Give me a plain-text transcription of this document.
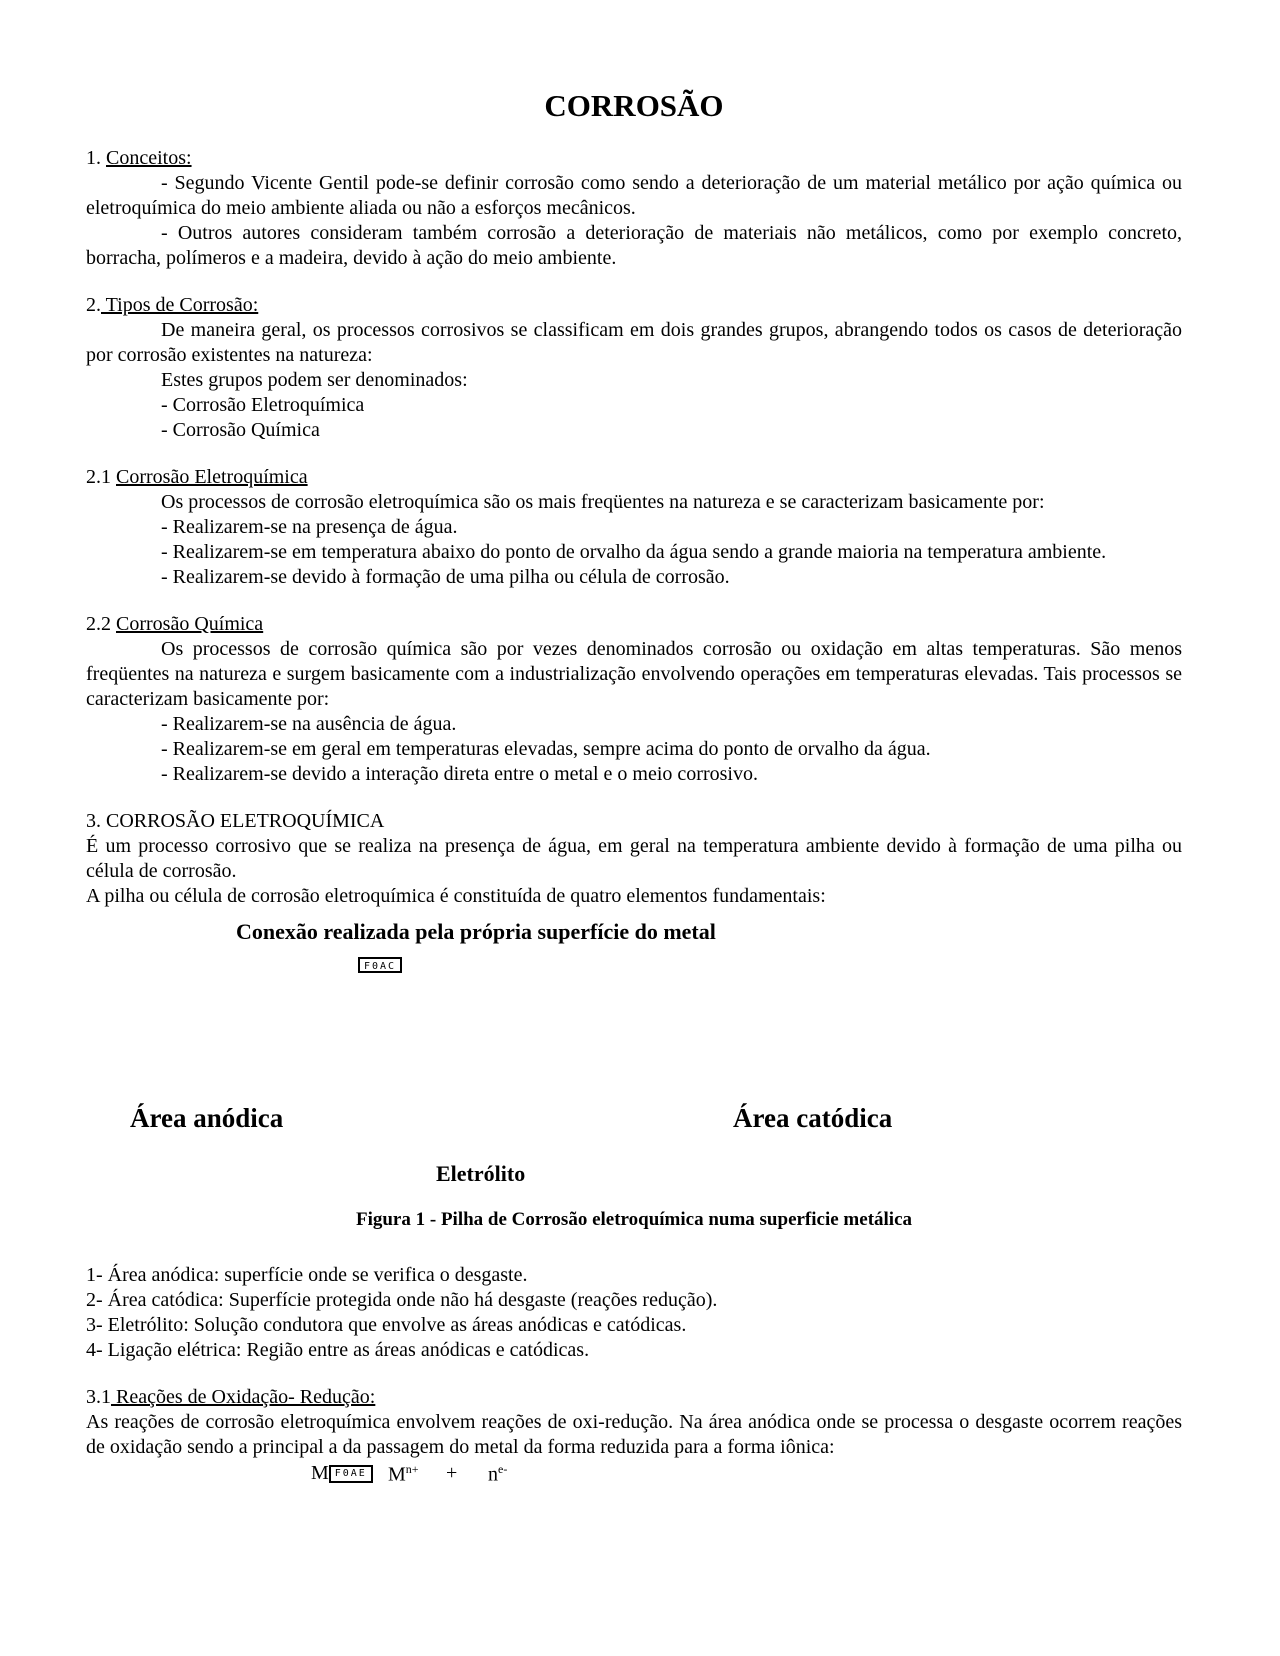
CORROSÃO

1. Conceitos:

- Segundo Vicente Gentil pode-se definir corrosão como sendo a deterioração de um material metálico por ação química ou eletroquímica do meio ambiente aliada ou não a esforços mecânicos.

- Outros autores consideram também corrosão a deterioração de materiais não metálicos, como por exemplo concreto, borracha, polímeros e a madeira, devido à ação do meio ambiente.

2. Tipos de Corrosão:

De maneira geral, os processos corrosivos se classificam em dois grandes grupos, abrangendo todos os casos de deterioração por corrosão existentes na natureza:

Estes grupos podem ser denominados:

- Corrosão Eletroquímica

- Corrosão Química

2.1 Corrosão Eletroquímica

Os processos de corrosão eletroquímica são os mais freqüentes na natureza e se caracterizam basicamente por:

- Realizarem-se na presença de água.

- Realizarem-se em temperatura abaixo do ponto de orvalho da água sendo a grande maioria na temperatura ambiente.

- Realizarem-se devido à formação de uma pilha ou célula de corrosão.

2.2 Corrosão Química

Os processos de corrosão química são por vezes denominados corrosão ou oxidação em altas temperaturas. São menos freqüentes na natureza e surgem basicamente com a industrialização envolvendo operações em temperaturas elevadas. Tais processos se caracterizam basicamente por:

- Realizarem-se na ausência de água.

- Realizarem-se em geral em temperaturas elevadas, sempre acima do ponto de orvalho da água.

- Realizarem-se devido a interação direta entre o metal e o meio corrosivo.

3. CORROSÃO ELETROQUÍMICA

É um processo corrosivo que se realiza na presença de água, em geral na temperatura ambiente devido à formação de uma pilha ou célula de corrosão.

A pilha ou célula de corrosão eletroquímica é constituída de quatro elementos fundamentais:

Conexão realizada pela própria superfície do metal
F0AC
Área anódica	Área catódica
Eletrólito
Figura 1 - Pilha de Corrosão eletroquímica numa superficie metálica

1- Área anódica: superfície onde se verifica o desgaste.

2- Área catódica: Superfície protegida onde não há desgaste (reações redução).

3- Eletrólito: Solução condutora que envolve as áreas anódicas e catódicas.

4- Ligação elétrica: Região entre as áreas anódicas e catódicas.

3.1 Reações de Oxidação- Redução:

As reações de corrosão eletroquímica envolvem reações de oxi-redução. Na área anódica onde se processa o desgaste ocorrem reações de oxidação sendo a principal a da passagem do metal da forma reduzida para a forma iônica:

M F0AE $M^{n+} + n^{e-}$
